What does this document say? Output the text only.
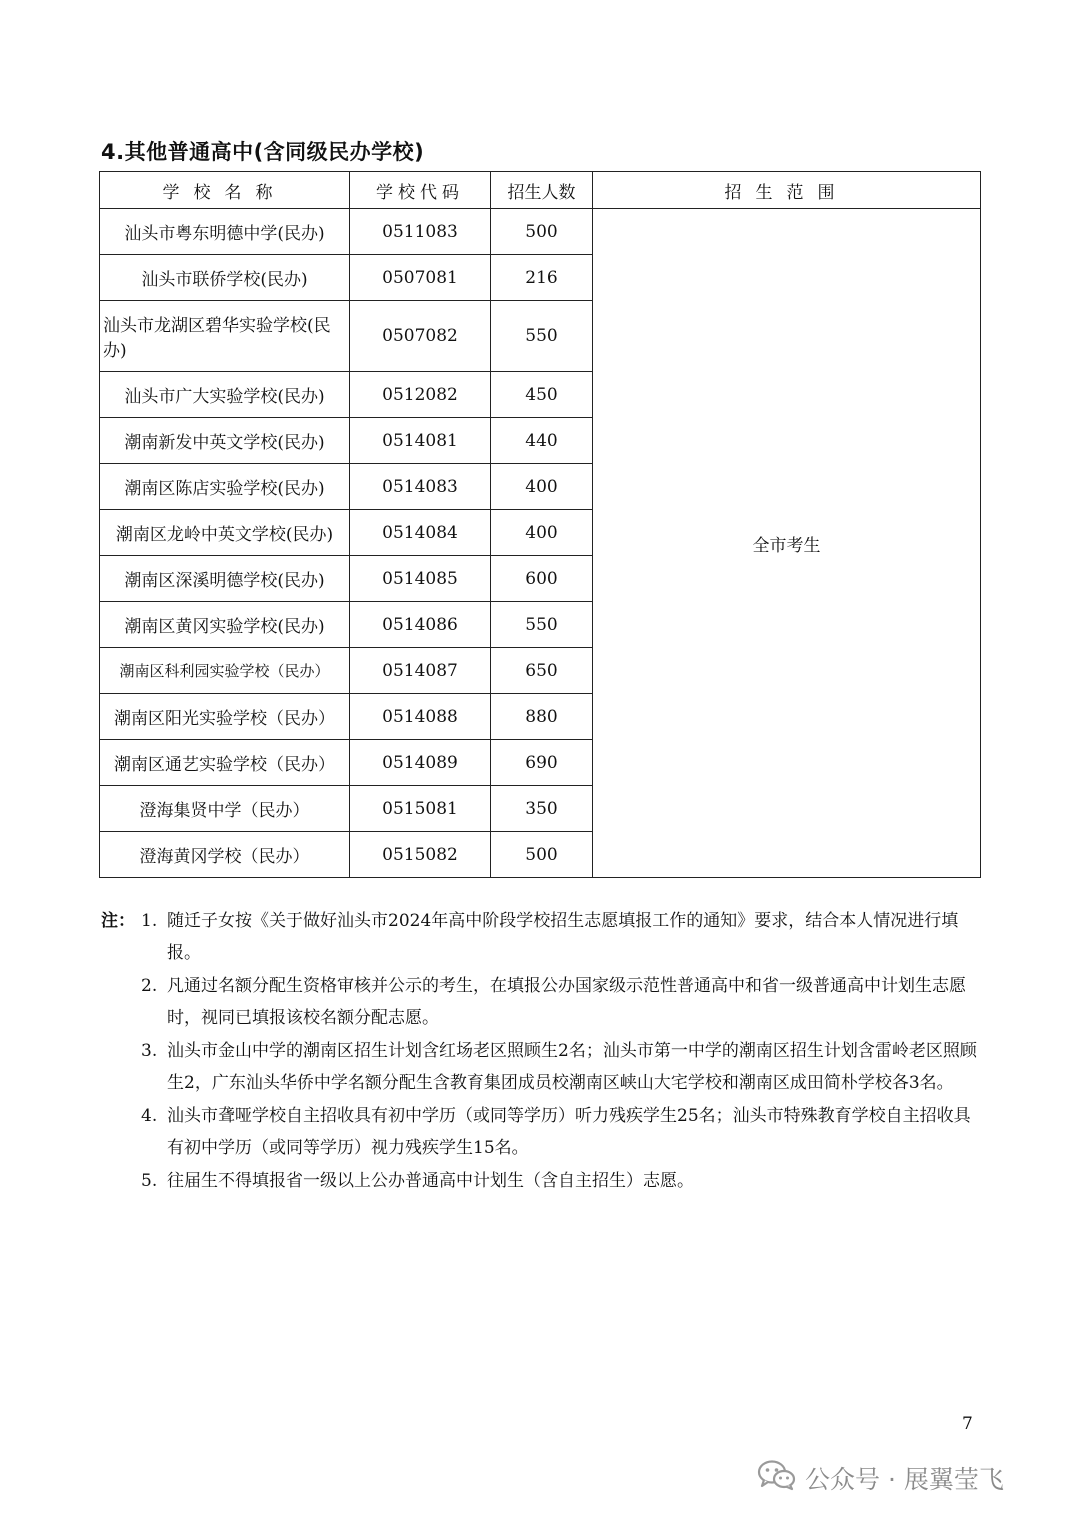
4.其他普通高中(含同级民办学校)
学校名称	学校代码	招生人数	招生范围
汕头市粤东明德中学(民办)	0511083	500	全市考生
汕头市联侨学校(民办)	0507081	216	
汕头市龙湖区碧华实验学校(民办)	0507082	550	
汕头市广大实验学校(民办)	0512082	450	
潮南新发中英文学校(民办)	0514081	440	
潮南区陈店实验学校(民办)	0514083	400	
潮南区龙岭中英文学校(民办)	0514084	400	
潮南区深溪明德学校(民办)	0514085	600	
潮南区黄冈实验学校(民办)	0514086	550	
潮南区科利园实验学校（民办）	0514087	650	
潮南区阳光实验学校（民办）	0514088	880	
潮南区通艺实验学校（民办）	0514089	690	
澄海集贤中学（民办）	0515081	350	
澄海黄冈学校（民办）	0515082	500	
注： 1. 随迁子女按《关于做好汕头市2024年高中阶段学校招生志愿填报工作的通知》要求，结合本人情况进行填报。
2. 凡通过名额分配生资格审核并公示的考生，在填报公办国家级示范性普通高中和省一级普通高中计划生志愿时，视同已填报该校名额分配志愿。
3. 汕头市金山中学的潮南区招生计划含红场老区照顾生2名；汕头市第一中学的潮南区招生计划含雷岭老区照顾生2，广东汕头华侨中学名额分配生含教育集团成员校潮南区峡山大宅学校和潮南区成田简朴学校各3名。
4. 汕头市聋哑学校自主招收具有初中学历（或同等学历）听力残疾学生25名；汕头市特殊教育学校自主招收具有初中学历（或同等学历）视力残疾学生15名。
5. 往届生不得填报省一级以上公办普通高中计划生（含自主招生）志愿。
7
公众号 · 展翼莹飞
